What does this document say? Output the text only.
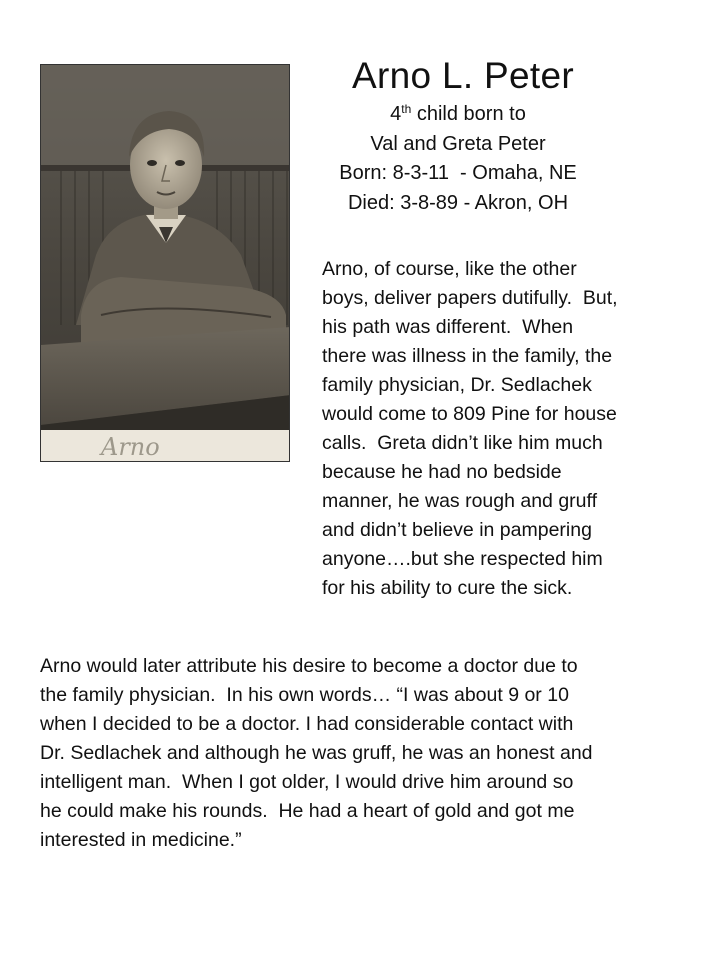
Arno
Arno L. Peter
4th child born to
Val and Greta Peter
Born: 8-3-11  - Omaha, NE
Died: 3-8-89 - Akron, OH
Arno, of course, like the other
boys, deliver papers dutifully.  But,
his path was different.  When
there was illness in the family, the
family physician, Dr. Sedlachek
would come to 809 Pine for house
calls.  Greta didn’t like him much
because he had no bedside
manner, he was rough and gruff
and didn’t believe in pampering
anyone….but she respected him
for his ability to cure the sick.
Arno would later attribute his desire to become a doctor due to
the family physician.  In his own words… “I was about 9 or 10
when I decided to be a doctor. I had considerable contact with
Dr. Sedlachek and although he was gruff, he was an honest and
intelligent man.  When I got older, I would drive him around so
he could make his rounds.  He had a heart of gold and got me
interested in medicine.”
